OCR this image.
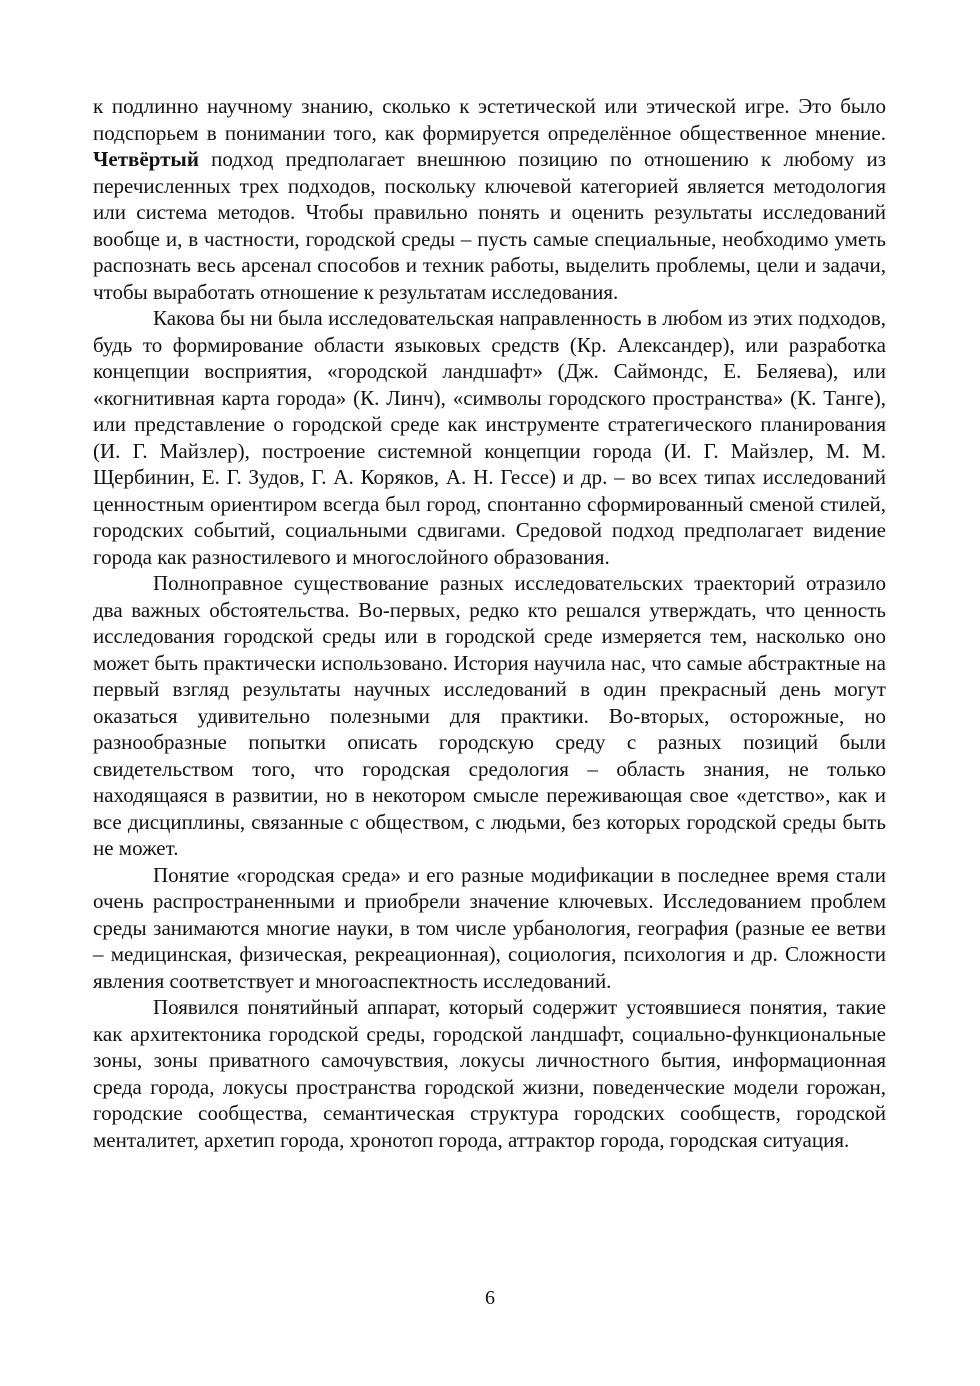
к подлинно научному знанию, сколько к эстетической или этической игре. Это было подспорьем в понимании того, как формируется определённое общественное мнение. Четвёртый подход предполагает внешнюю позицию по отношению к любому из перечисленных трех подходов, поскольку ключевой категорией является методология или система методов. Чтобы правильно понять и оценить результаты исследований вообще и, в частности, городской среды – пусть самые специальные, необходимо уметь распознать весь арсенал способов и техник работы, выделить проблемы, цели и задачи, чтобы выработать отношение к результатам исследования.

Какова бы ни была исследовательская направленность в любом из этих подходов, будь то формирование области языковых средств (Кр. Александер), или разработка концепции восприятия, «городской ландшафт» (Дж. Саймондс, Е. Беляева), или «когнитивная карта города» (К. Линч), «символы городского пространства» (К. Танге), или представление о городской среде как инструменте стратегического планирования (И. Г. Майзлер), построение системной концепции города (И. Г. Майзлер, М. М. Щербинин, Е. Г. Зудов, Г. А. Коряков, А. Н. Гессе) и др. – во всех типах исследований ценностным ориентиром всегда был город, спонтанно сформированный сменой стилей, городских событий, социальными сдвигами. Средовой подход предполагает видение города как разностилевого и многослойного образования.

Полноправное существование разных исследовательских траекторий отразило два важных обстоятельства. Во-первых, редко кто решался утверждать, что ценность исследования городской среды или в городской среде измеряется тем, насколько оно может быть практически использовано. История научила нас, что самые абстрактные на первый взгляд результаты научных исследований в один прекрасный день могут оказаться удивительно полезными для практики. Во-вторых, осторожные, но разнообразные попытки описать городскую среду с разных позиций были свидетельством того, что городская средология – область знания, не только находящаяся в развитии, но в некотором смысле переживающая свое «детство», как и все дисциплины, связанные с обществом, с людьми, без которых городской среды быть не может.

Понятие «городская среда» и его разные модификации в последнее время стали очень распространенными и приобрели значение ключевых. Исследованием проблем среды занимаются многие науки, в том числе урбанология, география (разные ее ветви – медицинская, физическая, рекреационная), социология, психология и др. Сложности явления соответствует и многоаспектность исследований.

Появился понятийный аппарат, который содержит устоявшиеся понятия, такие как архитектоника городской среды, городской ландшафт, социально-функциональные зоны, зоны приватного самочувствия, локусы личностного бытия, информационная среда города, локусы пространства городской жизни, поведенческие модели горожан, городские сообщества, семантическая структура городских сообществ, городской менталитет, архетип города, хронотоп города, аттрактор города, городская ситуация.

6
